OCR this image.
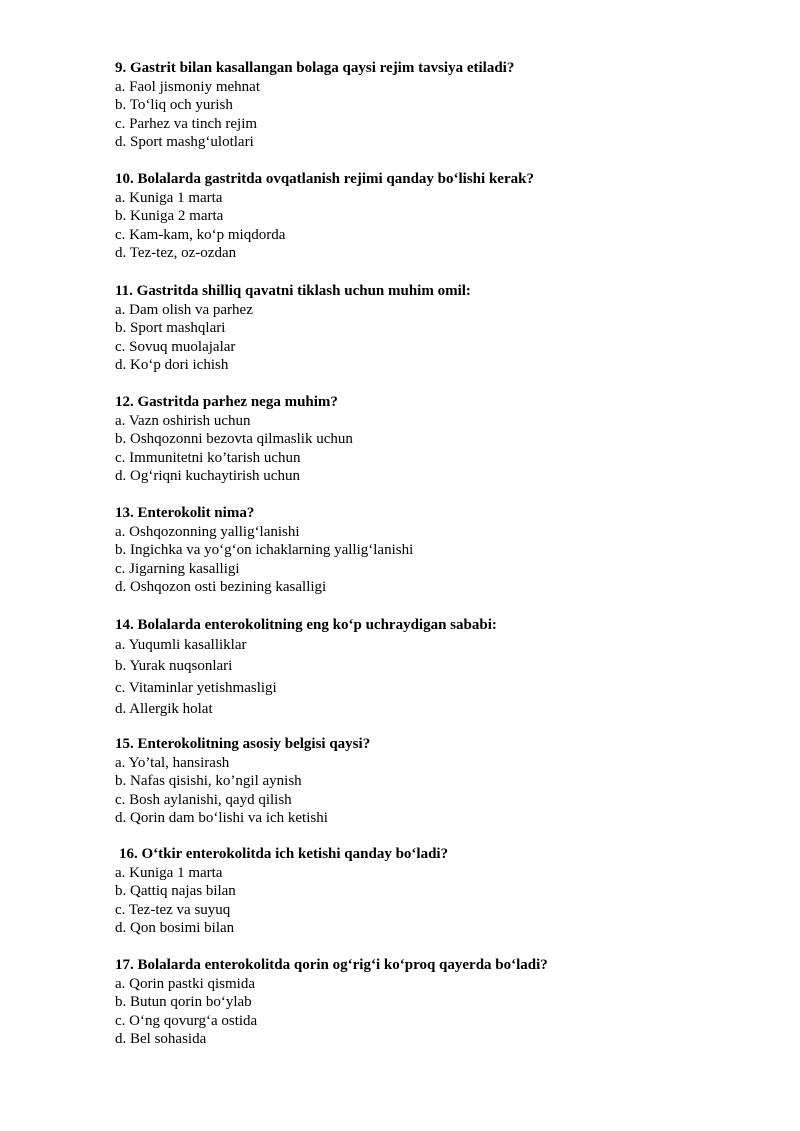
9. Gastrit bilan kasallangan bolaga qaysi rejim tavsiya etiladi?
a. Faol jismoniy mehnat
b. To‘liq och yurish
c. Parhez va tinch rejim
d. Sport mashg‘ulotlari
10. Bolalarda gastritda ovqatlanish rejimi qanday bo‘lishi kerak?
a. Kuniga 1 marta
b. Kuniga 2 marta
c. Kam-kam, ko‘p miqdorda
d. Tez-tez, oz-ozdan
11. Gastritda shilliq qavatni tiklash uchun muhim omil:
a. Dam olish va parhez
b. Sport mashqlari
c. Sovuq muolajalar
d. Ko‘p dori ichish
12. Gastritda parhez nega muhim?
a. Vazn oshirish uchun
b. Oshqozonni bezovta qilmaslik uchun
c. Immunitetni ko’tarish uchun
d. Og‘riqni kuchaytirish uchun
13. Enterokolit nima?
a. Oshqozonning yallig‘lanishi
b. Ingichka va yo‘g‘on ichaklarning yallig‘lanishi
c. Jigarning kasalligi
d. Oshqozon osti bezining kasalligi
14. Bolalarda enterokolitning eng ko‘p uchraydigan sababi:
a. Yuqumli kasalliklar
b. Yurak nuqsonlari
c. Vitaminlar yetishmasligi
d. Allergik holat
15. Enterokolitning asosiy belgisi qaysi?
a. Yo’tal, hansirash
b. Nafas qisishi, ko’ngil aynish
c. Bosh aylanishi, qayd qilish
d. Qorin dam bo‘lishi va ich ketishi
16. O‘tkir enterokolitda ich ketishi qanday bo‘ladi?
a. Kuniga 1 marta
b. Qattiq najas bilan
c. Tez-tez va suyuq
d. Qon bosimi bilan
17. Bolalarda enterokolitda qorin og‘rig‘i ko‘proq qayerda bo‘ladi?
a. Qorin pastki qismida
b. Butun qorin bo‘ylab
c. O‘ng qovurg‘a ostida
d. Bel sohasida
